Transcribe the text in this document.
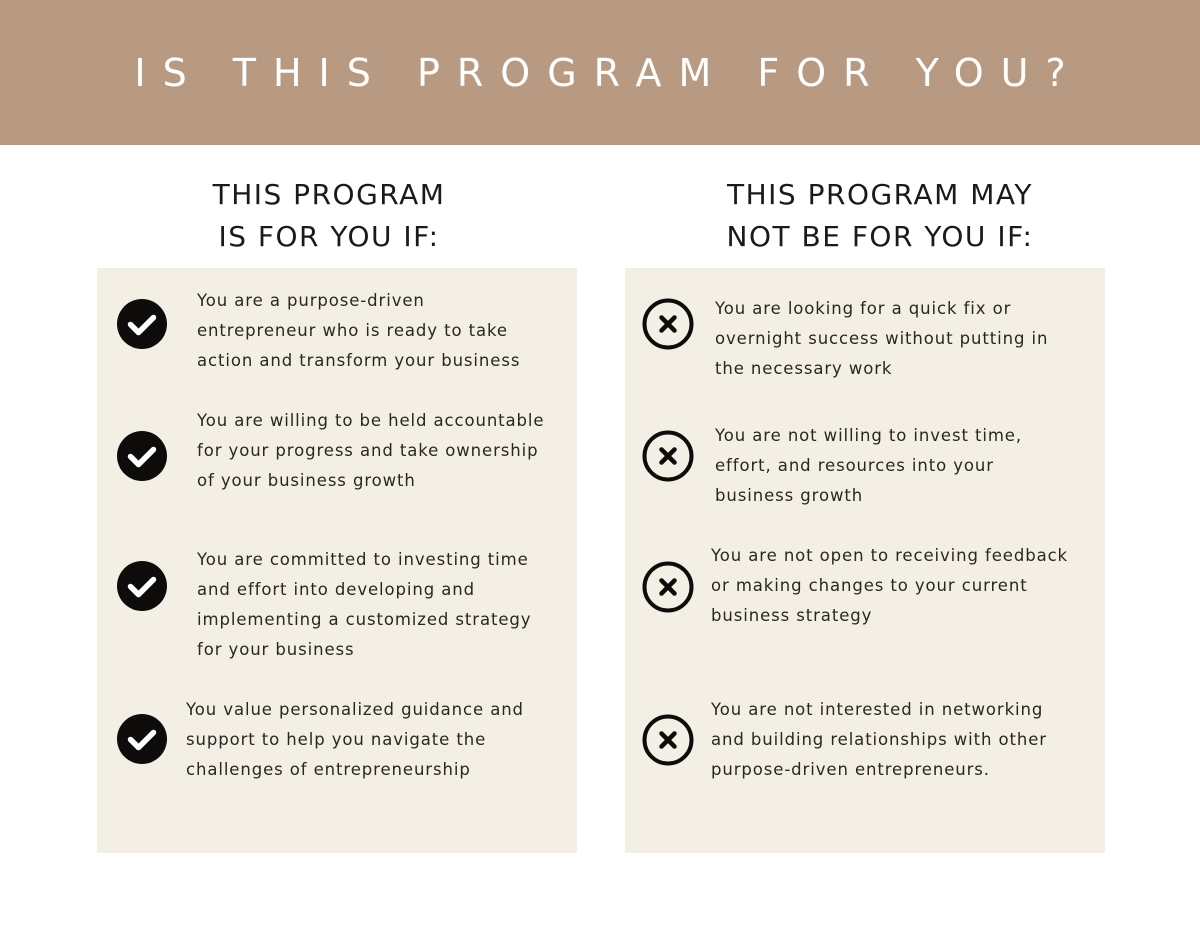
IS THIS PROGRAM FOR YOU?
THIS PROGRAM
IS FOR YOU IF:
THIS PROGRAM MAY
NOT BE FOR YOU IF:
You are a purpose-driven
entrepreneur who is ready to take
action and transform your business
You are willing to be held accountable
for your progress and take ownership
of your business growth
You are committed to investing time
and effort into developing and
implementing a customized strategy
for your business
You value personalized guidance and
support to help you navigate the
challenges of entrepreneurship
You are looking for a quick fix or
overnight success without putting in
the necessary work
You are not willing to invest time,
effort, and resources into your
business growth
You are not open to receiving feedback
or making changes to your current
business strategy
You are not interested in networking
and building relationships with other
purpose-driven entrepreneurs.
